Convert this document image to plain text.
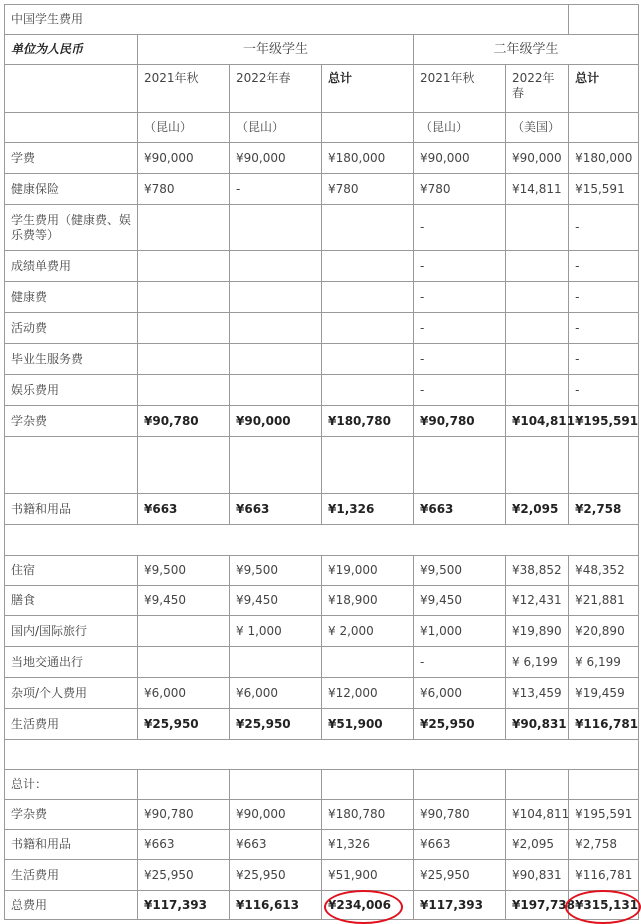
中国学生费用						
单位为人民币	一年级学生			二年级学生		
	2021年秋	2022年春	总计	2021年秋	2022年春	总计
	（昆山）	（昆山）		（昆山）	（美国）	
学费	¥90,000	¥90,000	¥180,000	¥90,000	¥90,000	¥180,000
健康保险	¥780	-	¥780	¥780	¥14,811	¥15,591
学生费用（健康费、娱乐费等）				-		-
成绩单费用				-		-
健康费				-		-
活动费				-		-
毕业生服务费				-		-
娱乐费用				-		-
学杂费	¥90,780	¥90,000	¥180,780	¥90,780	¥104,811	¥195,591

书籍和用品	¥663	¥663	¥1,326	¥663	¥2,095	¥2,758

住宿	¥9,500	¥9,500	¥19,000	¥9,500	¥38,852	¥48,352
膳食	¥9,450	¥9,450	¥18,900	¥9,450	¥12,431	¥21,881
国内/国际旅行		¥ 1,000	¥ 2,000	¥1,000	¥19,890	¥20,890
当地交通出行				-	¥ 6,199	¥ 6,199
杂项/个人费用	¥6,000	¥6,000	¥12,000	¥6,000	¥13,459	¥19,459
生活费用	¥25,950	¥25,950	¥51,900	¥25,950	¥90,831	¥116,781

总计：						
学杂费	¥90,780	¥90,000	¥180,780	¥90,780	¥104,811	¥195,591
书籍和用品	¥663	¥663	¥1,326	¥663	¥2,095	¥2,758
生活费用	¥25,950	¥25,950	¥51,900	¥25,950	¥90,831	¥116,781
总费用	¥117,393	¥116,613	¥234,006	¥117,393	¥197,738	¥315,131
